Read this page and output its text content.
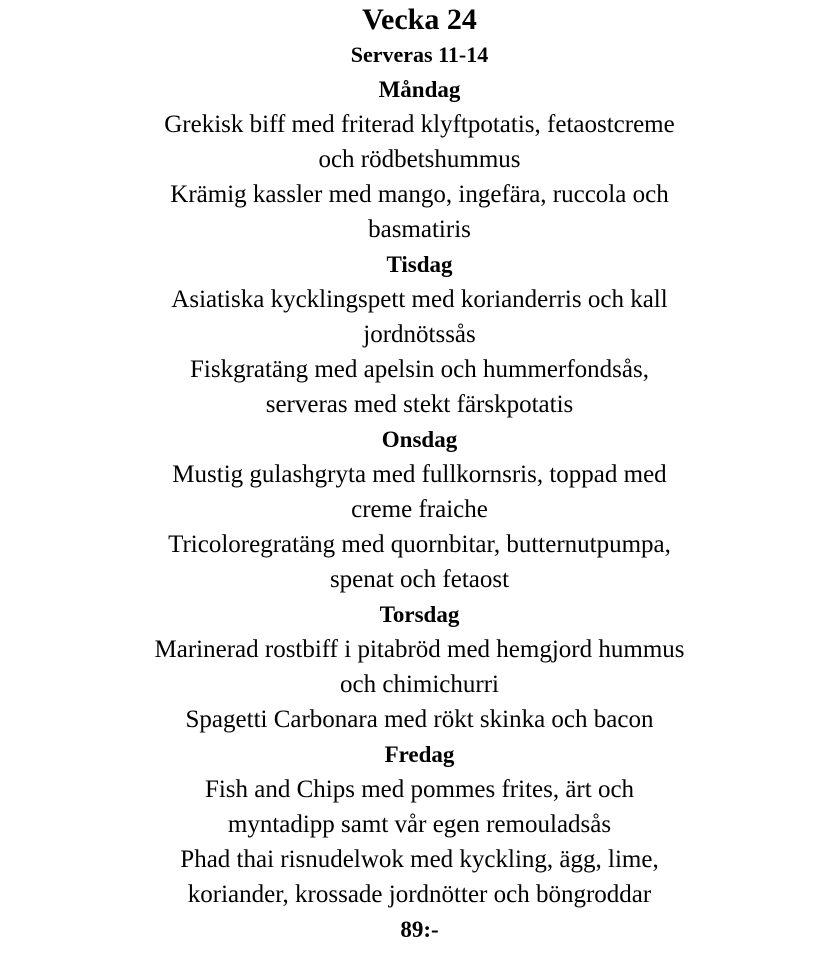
Vecka 24
Serveras 11-14
Måndag

Grekisk biff med friterad klyftpotatis, fetaostcreme
och rödbetshummus

Krämig kassler med mango, ingefära, ruccola och
basmatiris

Tisdag

Asiatiska kycklingspett med korianderris och kall
jordnötssås

Fiskgratäng med apelsin och hummerfondsås,
serveras med stekt färskpotatis

Onsdag

Mustig gulashgryta med fullkornsris, toppad med
creme fraiche

Tricoloregratäng med quornbitar, butternutpumpa,
spenat och fetaost

Torsdag

Marinerad rostbiff i pitabröd med hemgjord hummus
och chimichurri

Spagetti Carbonara med rökt skinka och bacon

Fredag

Fish and Chips med pommes frites, ärt och
myntadipp samt vår egen remouladsås

Phad thai risnudelwok med kyckling, ägg, lime,
koriander, krossade jordnötter och böngroddar

89:-
